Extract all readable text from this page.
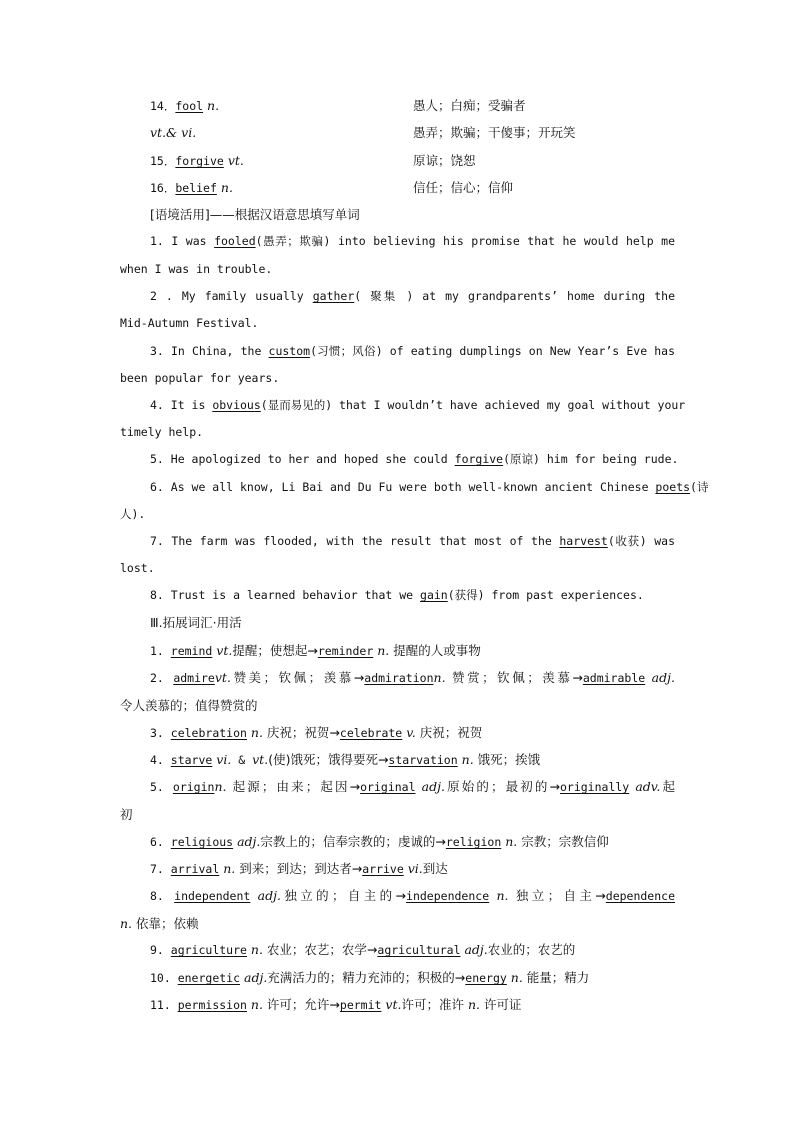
14．fool n.	愚人；白痴；受骗者
vt.& vi.	愚弄；欺骗；干傻事；开玩笑
15．forgive vt.	原谅；饶恕
16．belief n.	信任；信心；信仰
[语境活用]——根据汉语意思填写单词
1. I was fooled(愚弄；欺骗) into believing his promise that he would help me
when I was in trouble.
2 . My family usually gather( 聚集 ) at my grandparents’ home during the
Mid-Autumn Festival.
3. In China, the custom(习惯；风俗) of eating dumplings on New Year’s Eve has
been popular for years.
4. It is obvious(显而易见的) that I wouldn’t have achieved my goal without your
timely help.
5. He apologized to her and hoped she could forgive(原谅) him for being rude.
6. As we all know, Li Bai and Du Fu were both well-known ancient Chinese poets(诗
人).
7. The farm was flooded, with the result that most of the harvest(收获) was
lost.
8. Trust is a learned behavior that we gain(获得) from past experiences.
Ⅲ.拓展词汇·用活
1. remind vt.提醒；使想起→reminder n. 提醒的人或事物
2. admirevt.赞美；钦佩；羡慕→admirationn. 赞赏；钦佩；羡慕→admirable adj.
令人羡慕的；值得赞赏的
3. celebration n. 庆祝；祝贺→celebrate v. 庆祝；祝贺
4. starve vi. & vt.(使)饿死；饿得要死→starvation n. 饿死；挨饿
5. originn. 起源；由来；起因→original adj.原始的；最初的→originally adv.起
初
6. religious adj.宗教上的；信奉宗教的；虔诚的→religion n. 宗教；宗教信仰
7. arrival n. 到来；到达；到达者→arrive vi.到达
8. independent adj.独立的；自主的→independence n. 独立；自主→dependence
n. 依靠；依赖
9. agriculture n. 农业；农艺；农学→agricultural adj.农业的；农艺的
10. energetic adj.充满活力的；精力充沛的；积极的→energy n. 能量；精力
11. permission n. 许可；允许→permit vt.许可；准许 n. 许可证
